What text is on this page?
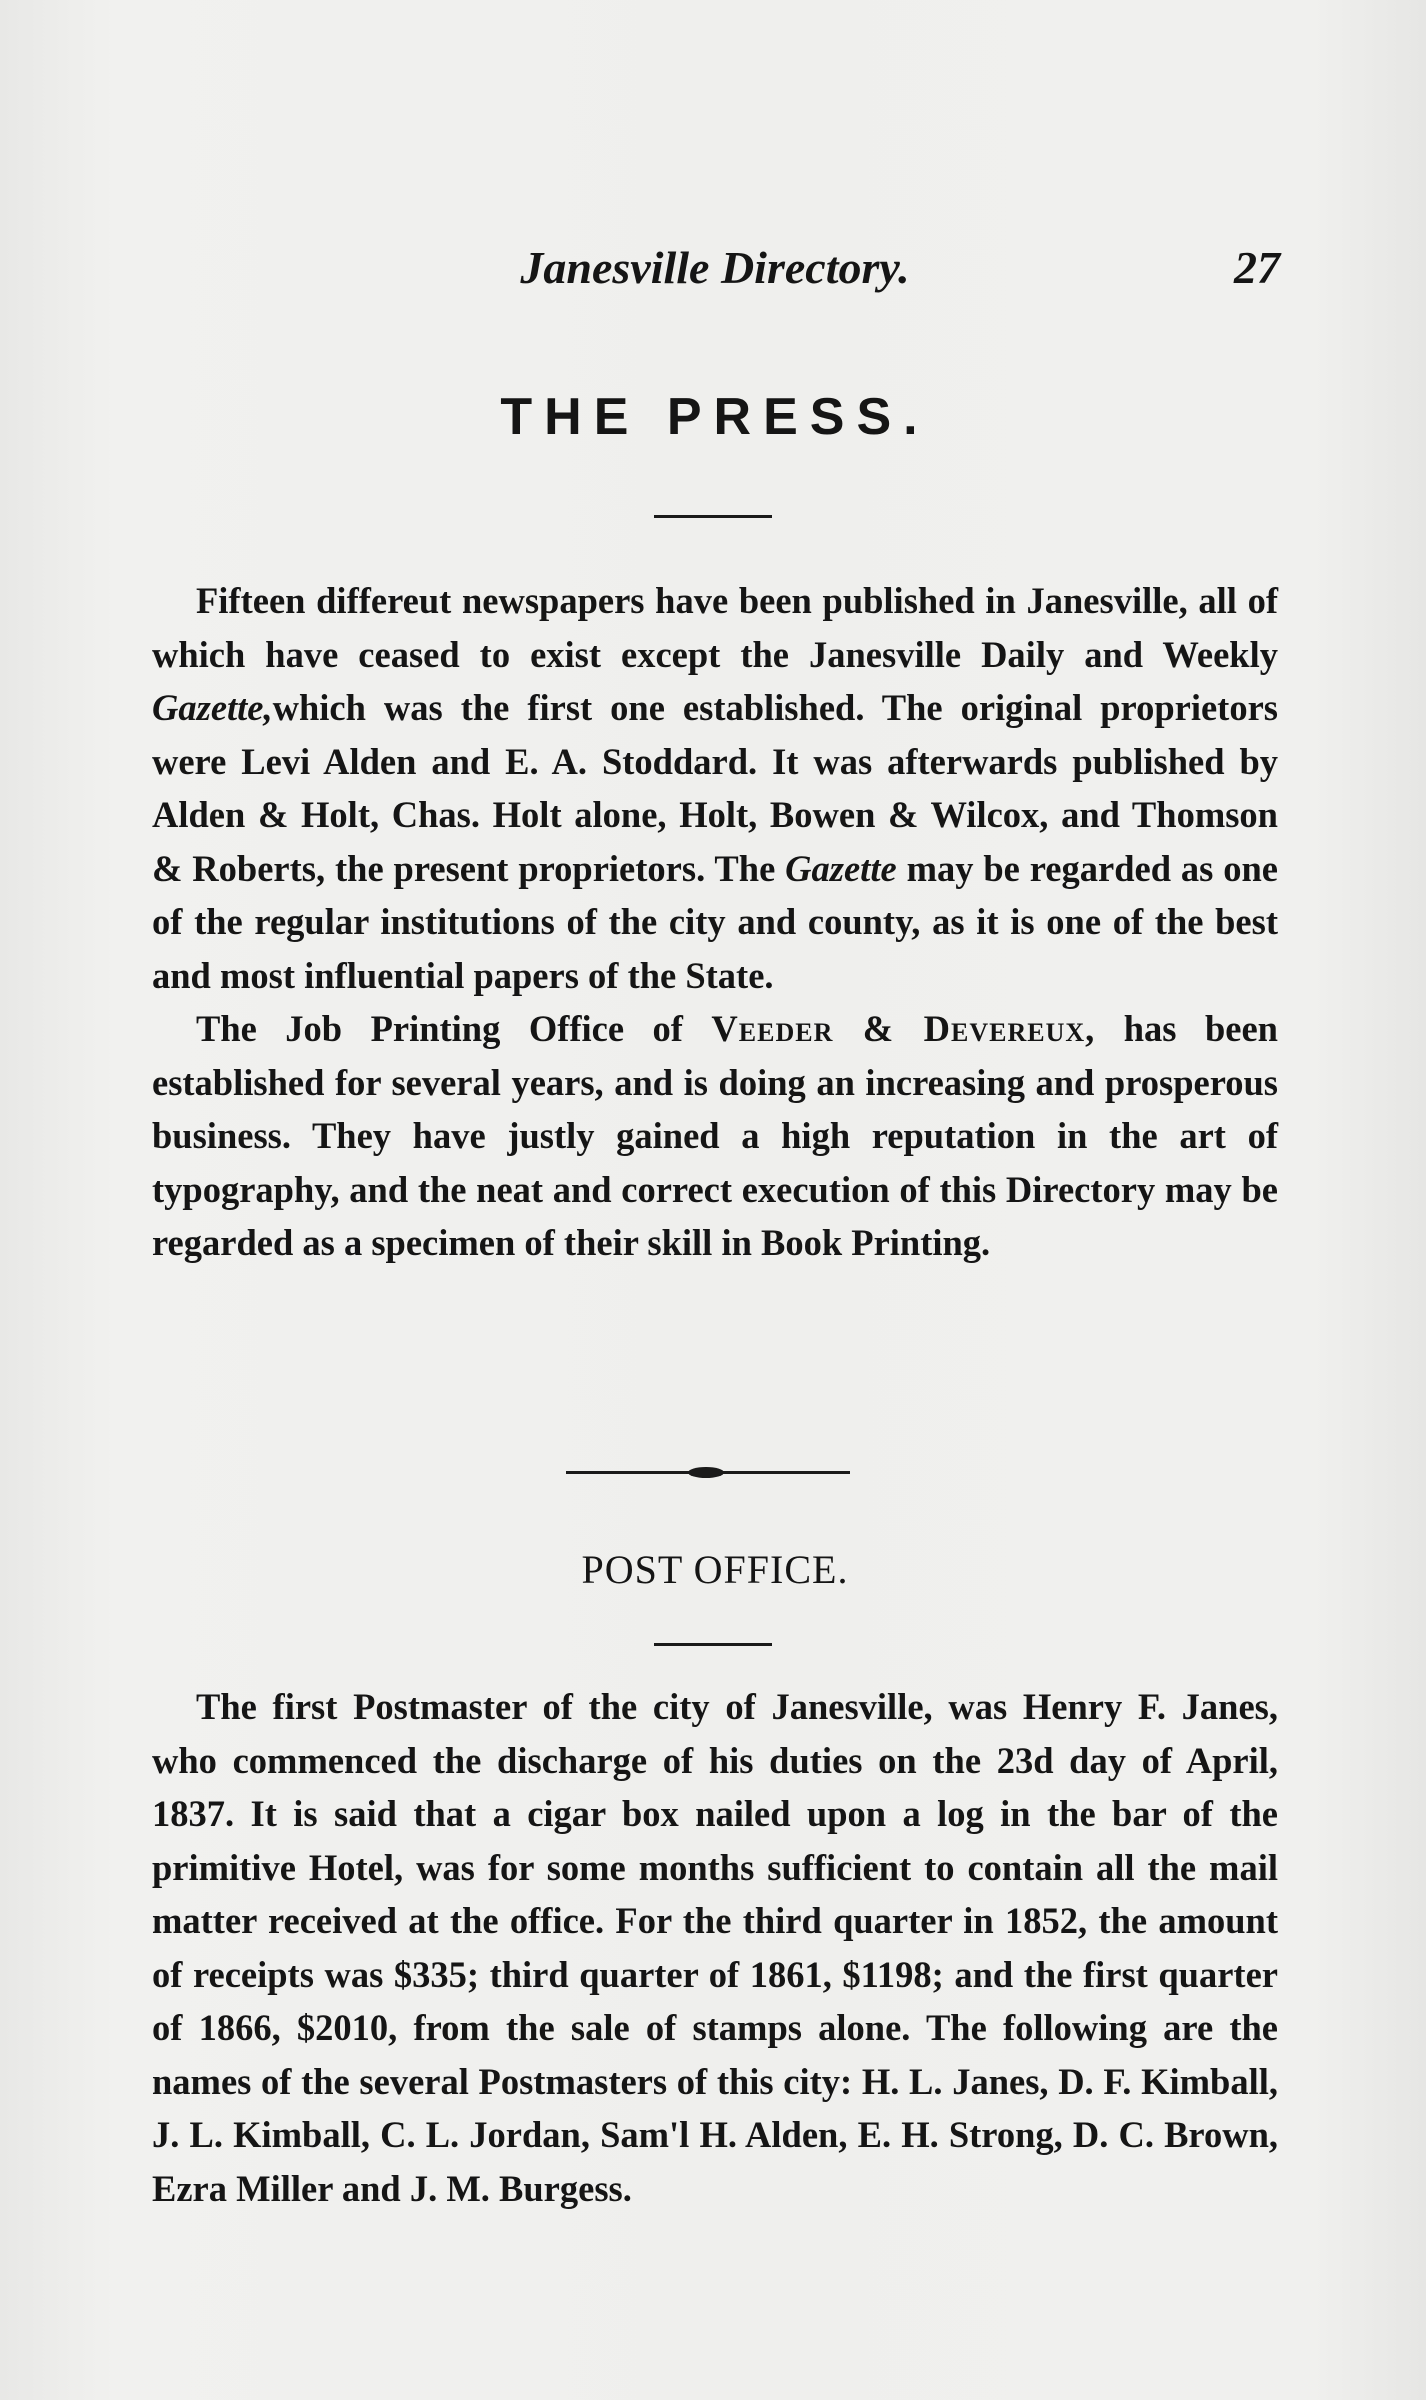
Janesville Directory.	27
THE PRESS.

Fifteen differeut newspapers have been published in Janesville, all of which have ceased to exist except the Janesville Daily and Weekly Gazette,which was the first one established. The original proprietors were Levi Alden and E. A. Stoddard. It was afterwards published by Alden & Holt, Chas. Holt alone, Holt, Bowen & Wilcox, and Thomson & Roberts, the present proprietors. The Gazette may be regarded as one of the regular institutions of the city and county, as it is one of the best and most influential papers of the State.

The Job Printing Office of Veeder & Devereux, has been established for several years, and is doing an increasing and prosperous business. They have justly gained a high reputation in the art of typography, and the neat and correct execution of this Directory may be regarded as a specimen of their skill in Book Printing.

POST OFFICE.

The first Postmaster of the city of Janesville, was Henry F. Janes, who commenced the discharge of his duties on the 23d day of April, 1837. It is said that a cigar box nailed upon a log in the bar of the primitive Hotel, was for some months sufficient to contain all the mail matter received at the office. For the third quarter in 1852, the amount of receipts was $335; third quarter of 1861, $1198; and the first quarter of 1866, $2010, from the sale of stamps alone. The following are the names of the several Postmasters of this city: H. L. Janes, D. F. Kimball, J. L. Kimball, C. L. Jordan, Sam'l H. Alden, E. H. Strong, D. C. Brown, Ezra Miller and J. M. Burgess.
